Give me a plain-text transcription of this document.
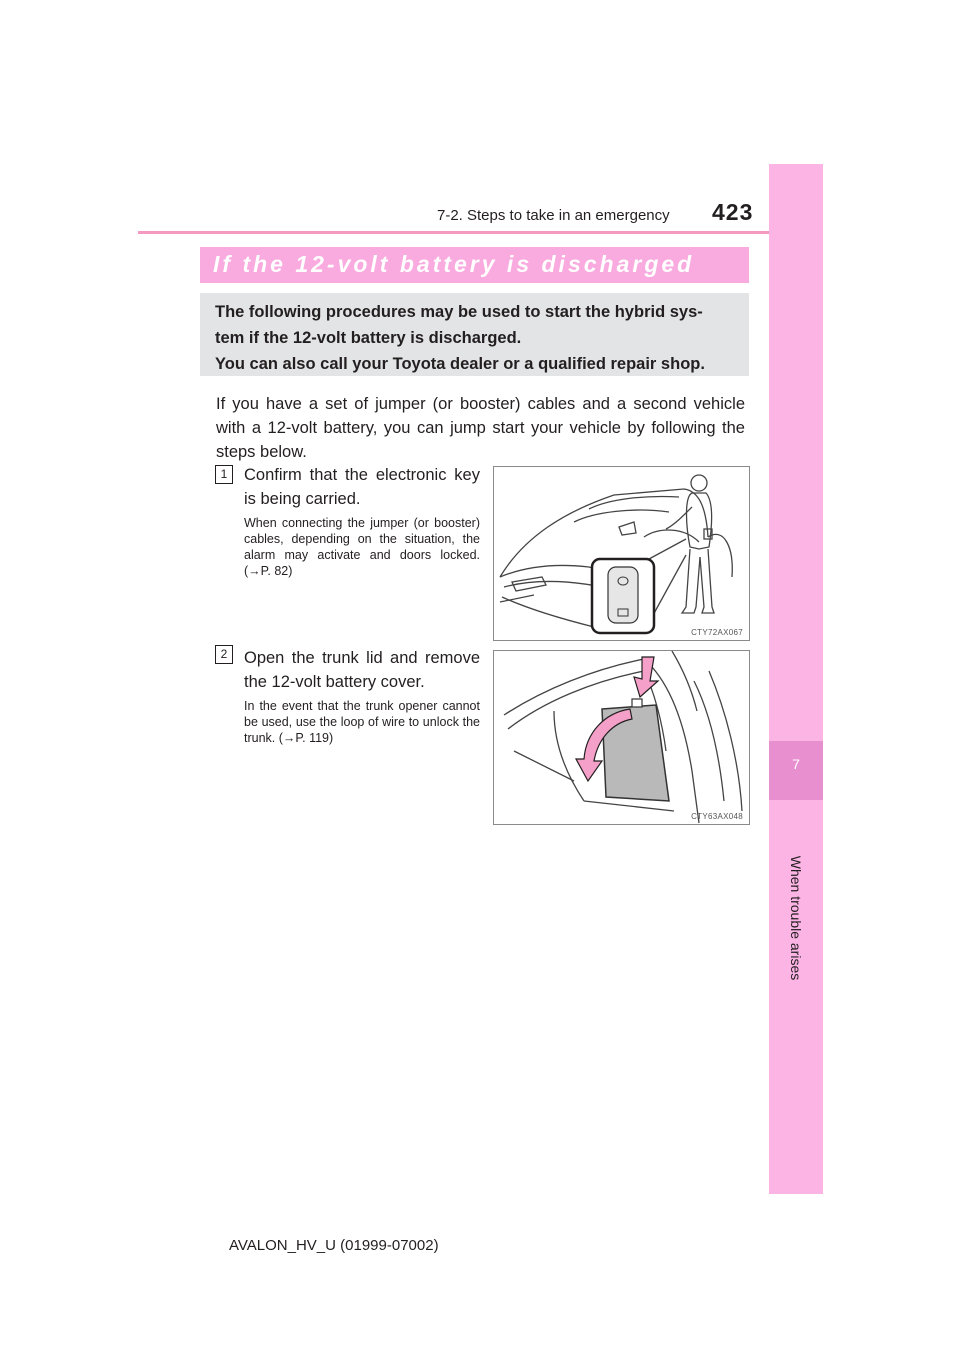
7-2. Steps to take in an emergency 423
7
When trouble arises
If the 12-volt battery is discharged
The following procedures may be used to start the hybrid sys-
tem if the 12-volt battery is discharged.
You can also call your Toyota dealer or a qualified repair shop.
If you have a set of jumper (or booster) cables and a second vehicle with a 12-volt battery, you can jump start your vehicle by following the steps below.
1	Confirm that the electronic key is being carried.
When connecting the jumper (or booster) cables, depending on the situation, the alarm may activate and doors locked. (→P. 82)
CTY72AX067
2	Open the trunk lid and remove the 12-volt battery cover.
In the event that the trunk opener cannot be used, use the loop of wire to unlock the trunk. (→P. 119)
CTY63AX048
AVALON_HV_U (01999-07002)
